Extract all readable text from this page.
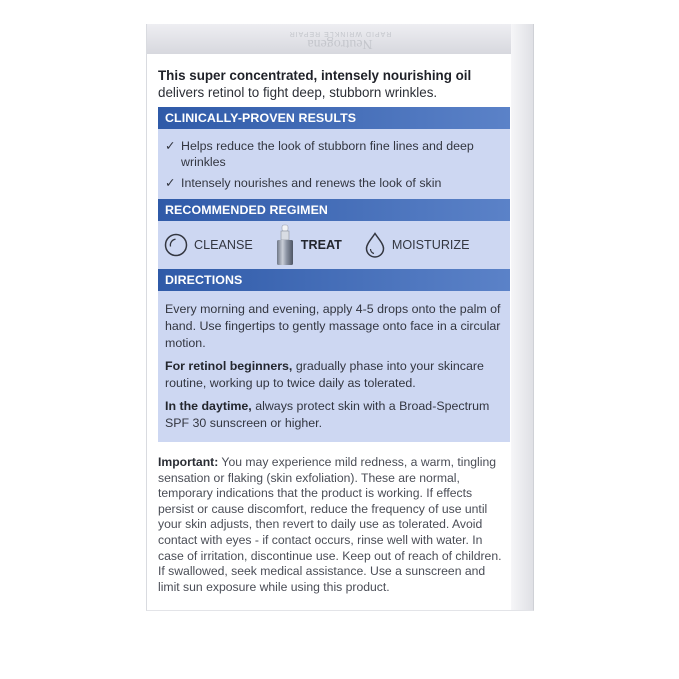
Neutrogena
RAPID WRINKLE REPAIR

This super concentrated, intensely nourishing oil delivers retinol to fight deep, stubborn wrinkles.

CLINICALLY-PROVEN RESULTS
✓ Helps reduce the look of stubborn fine lines and deep wrinkles
✓ Intensely nourishes and renews the look of skin
RECOMMENDED REGIMEN
CLEANSE	TREAT	MOISTURIZE
DIRECTIONS

Every morning and evening, apply 4-5 drops onto the palm of hand. Use fingertips to gently massage onto face in a circular motion.

For retinol beginners, gradually phase into your skincare routine, working up to twice daily as tolerated.

In the daytime, always protect skin with a Broad-Spectrum SPF 30 sunscreen or higher.

Important: You may experience mild redness, a warm, tingling sensation or flaking (skin exfoliation). These are normal, temporary indications that the product is working. If effects persist or cause discomfort, reduce the frequency of use until your skin adjusts, then revert to daily use as tolerated. Avoid contact with eyes - if contact occurs, rinse well with water. In case of irritation, discontinue use. Keep out of reach of children. If swallowed, seek medical assistance. Use a sunscreen and limit sun exposure while using this product.
